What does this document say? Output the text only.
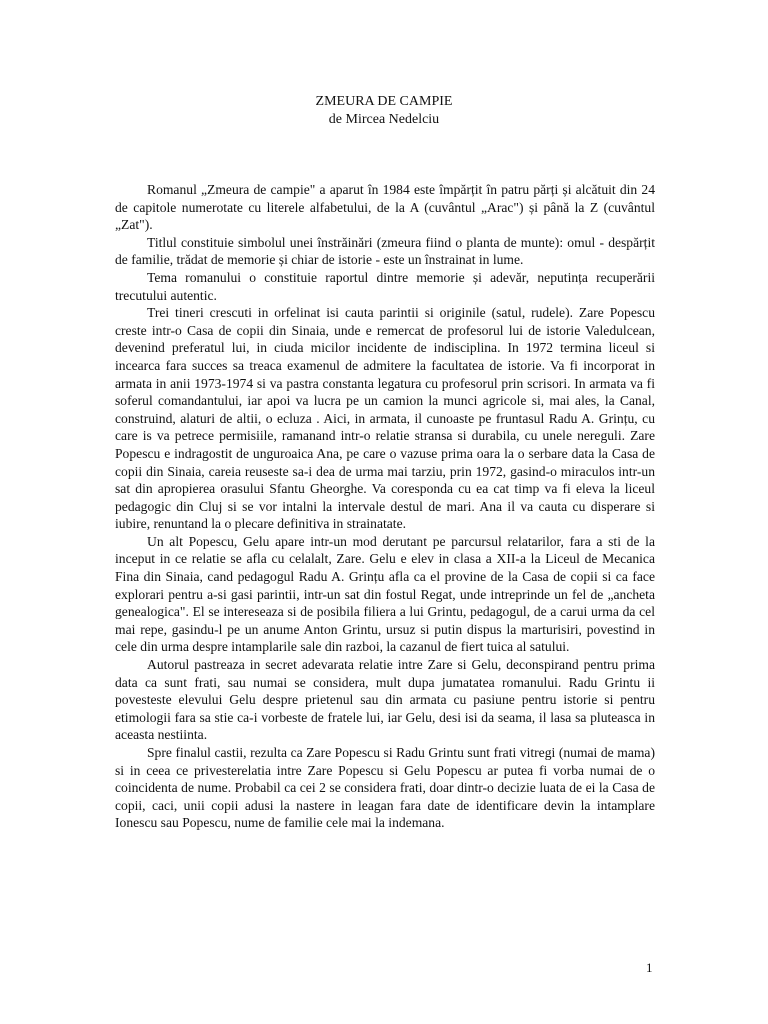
ZMEURA DE CAMPIE
de Mircea Nedelciu

Romanul „Zmeura de campie" a aparut în 1984 este împărțit în patru părți și alcătuit din 24 de capitole numerotate cu literele alfabetului, de la A (cuvântul „Arac") și până la Z (cuvântul „Zat").

Titlul constituie simbolul unei înstrăinări (zmeura fiind o planta de munte): omul - despărțit de familie, trădat de memorie și chiar de istorie - este un înstrainat in lume.

Tema romanului o constituie raportul dintre memorie și adevăr, neputința recuperării trecutului autentic.

Trei tineri crescuti in orfelinat isi cauta parintii si originile (satul, rudele). Zare Popescu creste intr-o Casa de copii din Sinaia, unde e remercat de profesorul lui de istorie Valedulcean, devenind preferatul lui, in ciuda micilor incidente de indisciplina. In 1972 termina liceul si incearca fara succes sa treaca examenul de admitere la facultatea de istorie. Va fi incorporat in armata in anii 1973-1974 si va pastra constanta legatura cu profesorul prin scrisori. In armata va fi soferul comandantului, iar apoi va lucra pe un camion la munci agricole si, mai ales, la Canal, construind, alaturi de altii, o ecluza . Aici, in armata, il cunoaste pe fruntasul Radu A. Grințu, cu care is va petrece permisiile, ramanand intr-o relatie stransa si durabila, cu unele nereguli. Zare Popescu e indragostit de unguroaica Ana, pe care o vazuse prima oara la o serbare data la Casa de copii din Sinaia, careia reuseste sa-i dea de urma mai tarziu, prin 1972, gasind-o miraculos intr-un sat din apropierea orasului Sfantu Gheorghe. Va coresponda cu ea cat timp va fi eleva la liceul pedagogic din Cluj si se vor intalni la intervale destul de mari. Ana il va cauta cu disperare si iubire, renuntand la o plecare definitiva in strainatate.

Un alt Popescu, Gelu apare intr-un mod derutant pe parcursul relatarilor, fara a sti de la inceput in ce relatie se afla cu celalalt, Zare. Gelu e elev in clasa a XII-a la Liceul de Mecanica Fina din Sinaia, cand pedagogul Radu A. Grințu afla ca el provine de la Casa de copii si ca face explorari pentru a-si gasi parintii, intr-un sat din fostul Regat, unde intreprinde un fel de „ancheta genealogica". El se intereseaza si de posibila filiera a lui Grintu, pedagogul, de a carui urma da cel mai repe, gasindu-l pe un anume Anton Grintu, ursuz si putin dispus la marturisiri, povestind in cele din urma despre intamplarile sale din razboi, la cazanul de fiert tuica al satului.

Autorul pastreaza in secret adevarata relatie intre Zare si Gelu, deconspirand pentru prima data ca sunt frati, sau numai se considera, mult dupa jumatatea romanului. Radu Grintu ii povesteste elevului Gelu despre prietenul sau din armata cu pasiune pentru istorie si pentru etimologii fara sa stie ca-i vorbeste de fratele lui, iar Gelu, desi isi da seama, il lasa sa pluteasca in aceasta nestiinta.

Spre finalul castii, rezulta ca Zare Popescu si Radu Grintu sunt frati vitregi (numai de mama) si in ceea ce privesterelatia intre Zare Popescu si Gelu Popescu ar putea fi vorba numai de o coincidenta de nume. Probabil ca cei 2 se considera frati, doar dintr-o decizie luata de ei la Casa de copii, caci, unii copii adusi la nastere in leagan fara date de identificare devin la intamplare Ionescu sau Popescu, nume de familie cele mai la indemana.

1
